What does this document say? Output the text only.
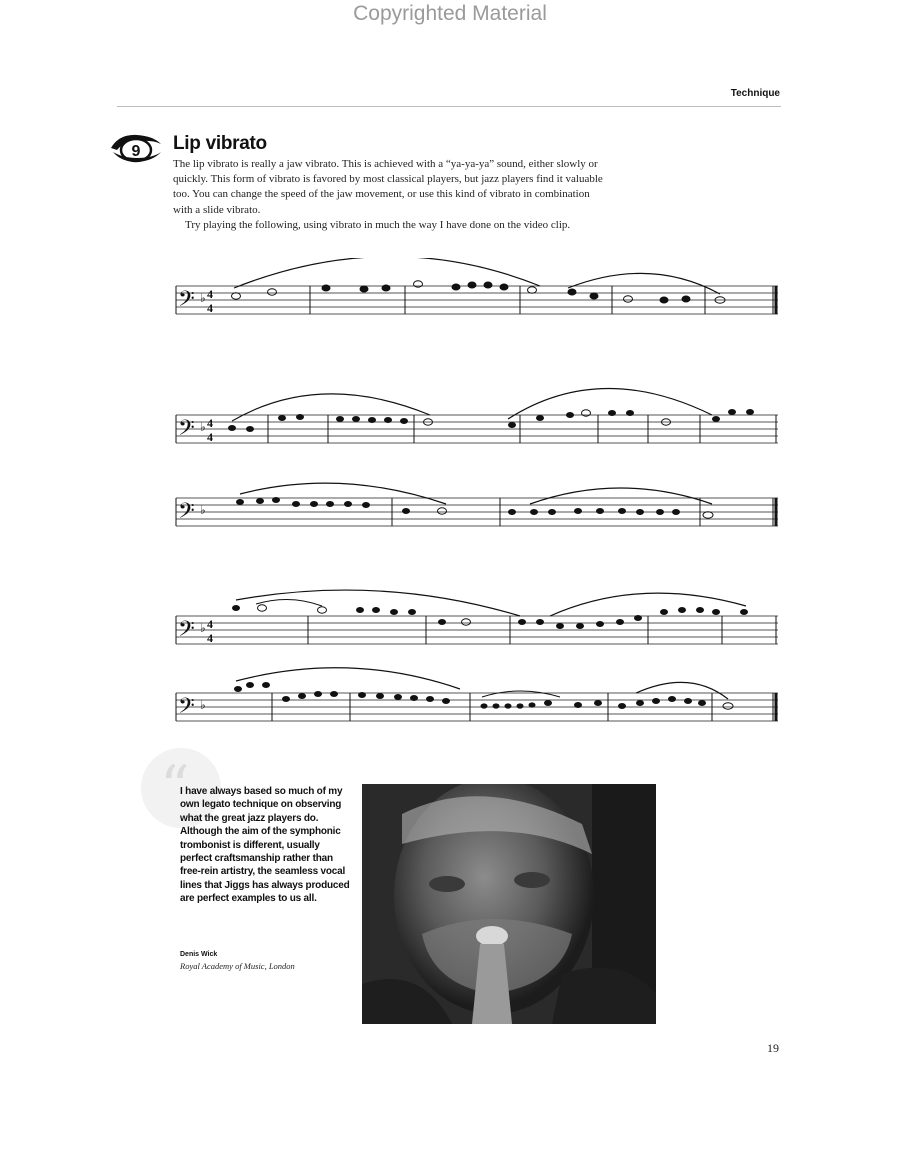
Copyrighted Material
Technique
9 Lip vibrato

The lip vibrato is really a jaw vibrato. This is achieved with a “ya-ya-ya” sound, either slowly or quickly. This form of vibrato is favored by most classical players, but jazz players find it valuable too. You can change the speed of the jaw movement, or use this kind of vibrato in combination with a slide vibrato.

Try playing the following, using vibrato in much the way I have done on the video clip.

𝄢 ♭ 4
4
𝄢 ♭ 4
4
𝄢 ♭
𝄢 ♭ 4
4
𝄢 ♭
“

I have always based so much of my own legato technique on observing what the great jazz players do. Although the aim of the symphonic trombonist is different, usually perfect craftsmanship rather than free-rein artistry, the seamless vocal lines that Jiggs has always produced are perfect examples to us all.

Denis Wick
Royal Academy of Music, London
19
